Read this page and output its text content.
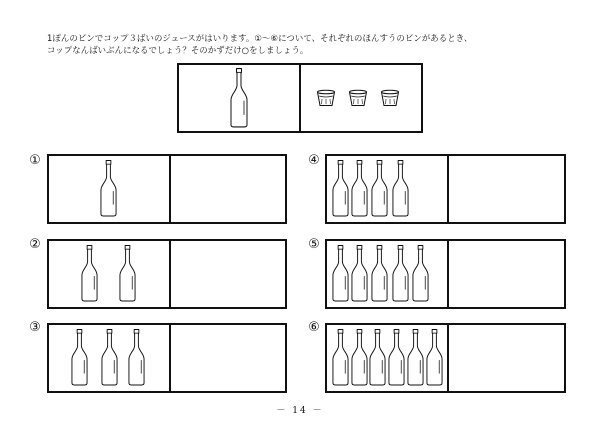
1ぽんのビンでコップ３ばいのジュースがはいります。①〜⑥について、それぞれのほんすうのビンがあるとき、
コップなんばいぶんになるでしょう？そのかずだけ○をしましょう。
①
②
③
④
⑤
⑥
－ 14 －
